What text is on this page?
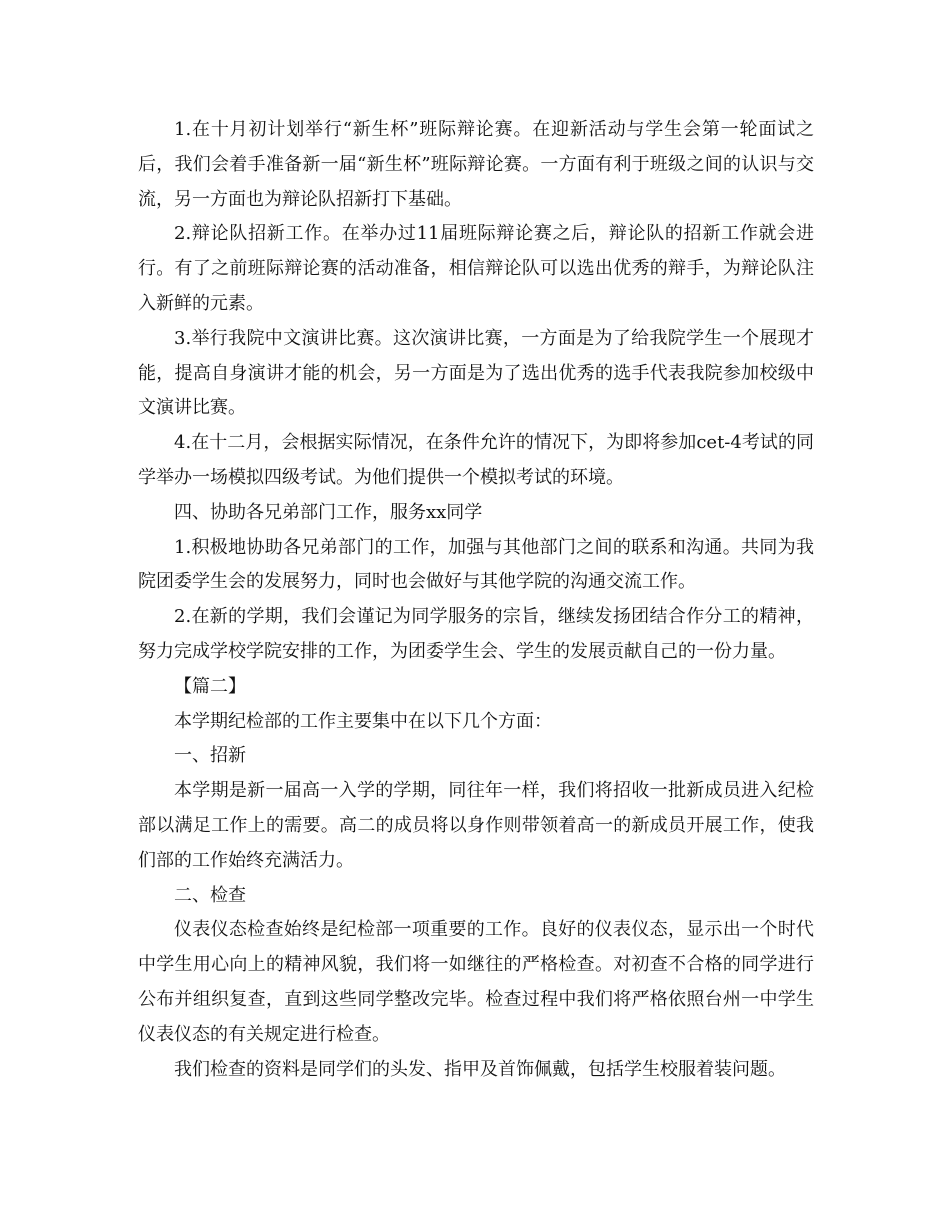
1.在十月初计划举行“新生杯”班际辩论赛。在迎新活动与学生会第一轮面试之后，我们会着手准备新一届“新生杯”班际辩论赛。一方面有利于班级之间的认识与交流，另一方面也为辩论队招新打下基础。

2.辩论队招新工作。在举办过11届班际辩论赛之后，辩论队的招新工作就会进行。有了之前班际辩论赛的活动准备，相信辩论队可以选出优秀的辩手，为辩论队注入新鲜的元素。

3.举行我院中文演讲比赛。这次演讲比赛，一方面是为了给我院学生一个展现才能，提高自身演讲才能的机会，另一方面是为了选出优秀的选手代表我院参加校级中文演讲比赛。

4.在十二月，会根据实际情况，在条件允许的情况下，为即将参加cet-4考试的同学举办一场模拟四级考试。为他们提供一个模拟考试的环境。

四、协助各兄弟部门工作，服务xx同学

1.积极地协助各兄弟部门的工作，加强与其他部门之间的联系和沟通。共同为我院团委学生会的发展努力，同时也会做好与其他学院的沟通交流工作。

2.在新的学期，我们会谨记为同学服务的宗旨，继续发扬团结合作分工的精神，努力完成学校学院安排的工作，为团委学生会、学生的发展贡献自己的一份力量。

【篇二】

本学期纪检部的工作主要集中在以下几个方面：

一、招新

本学期是新一届高一入学的学期，同往年一样，我们将招收一批新成员进入纪检部以满足工作上的需要。高二的成员将以身作则带领着高一的新成员开展工作，使我们部的工作始终充满活力。

二、检查

仪表仪态检查始终是纪检部一项重要的工作。良好的仪表仪态，显示出一个时代中学生用心向上的精神风貌，我们将一如继往的严格检查。对初查不合格的同学进行公布并组织复查，直到这些同学整改完毕。检查过程中我们将严格依照台州一中学生仪表仪态的有关规定进行检查。

我们检查的资料是同学们的头发、指甲及首饰佩戴，包括学生校服着装问题。
